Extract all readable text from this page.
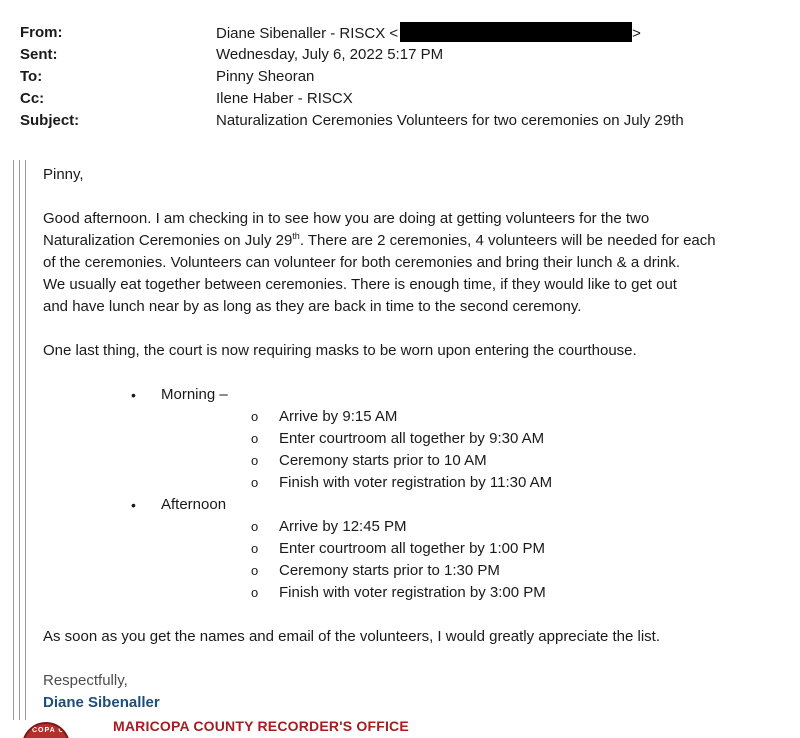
From:	Diane Sibenaller - RISCX <	>
Sent:	Wednesday, July 6, 2022 5:17 PM
To:	Pinny Sheoran
Cc:	Ilene Haber - RISCX
Subject:	Naturalization Ceremonies Volunteers for two ceremonies on July 29th

Pinny,

Good afternoon. I am checking in to see how you are doing at getting volunteers for the two

Naturalization Ceremonies on July 29th. There are 2 ceremonies, 4 volunteers will be needed for each

of the ceremonies. Volunteers can volunteer for both ceremonies and bring their lunch & a drink.

We usually eat together between ceremonies. There is enough time, if they would like to get out

and have lunch near by as long as they are back in time to the second ceremony.

One last thing, the court is now requiring masks to be worn upon entering the courthouse.

• Morning –
o Arrive by 9:15 AM
o Enter courtroom all together by 9:30 AM
o Ceremony starts prior to 10 AM
o Finish with voter registration by 11:30 AM
• Afternoon
o Arrive by 12:45 PM
o Enter courtroom all together by 1:00 PM
o Ceremony starts prior to 1:30 PM
o Finish with voter registration by 3:00 PM

As soon as you get the names and email of the volunteers, I would greatly appreciate the list.

Respectfully,

Diane Sibenaller

COPA C	MARICOPA COUNTY RECORDER'S OFFICE
